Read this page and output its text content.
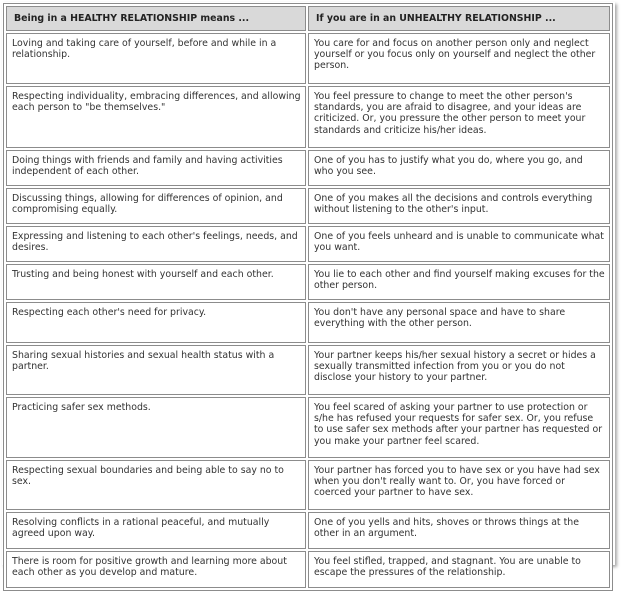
Being in a HEALTHY RELATIONSHIP means ...	If you are in an UNHEALTHY RELATIONSHIP ...
Loving and taking care of yourself, before and while in a relationship.	You care for and focus on another person only and neglect yourself or you focus only on yourself and neglect the other person.
Respecting individuality, embracing differences, and allowing each person to "be themselves."	You feel pressure to change to meet the other person's standards, you are afraid to disagree, and your ideas are criticized. Or, you pressure the other person to meet your standards and criticize his/her ideas.
Doing things with friends and family and having activities independent of each other.	One of you has to justify what you do, where you go, and who you see.
Discussing things, allowing for differences of opinion, and compromising equally.	One of you makes all the decisions and controls everything without listening to the other's input.
Expressing and listening to each other's feelings, needs, and desires.	One of you feels unheard and is unable to communicate what you want.
Trusting and being honest with yourself and each other.	You lie to each other and find yourself making excuses for the other person.
Respecting each other's need for privacy.	You don't have any personal space and have to share everything with the other person.
Sharing sexual histories and sexual health status with a partner.	Your partner keeps his/her sexual history a secret or hides a sexually transmitted infection from you or you do not disclose your history to your partner.
Practicing safer sex methods.	You feel scared of asking your partner to use protection or s/he has refused your requests for safer sex. Or, you refuse to use safer sex methods after your partner has requested or you make your partner feel scared.
Respecting sexual boundaries and being able to say no to sex.	Your partner has forced you to have sex or you have had sex when you don't really want to. Or, you have forced or coerced your partner to have sex.
Resolving conflicts in a rational peaceful, and mutually agreed upon way.	One of you yells and hits, shoves or throws things at the other in an argument.
There is room for positive growth and learning more about each other as you develop and mature.	You feel stifled, trapped, and stagnant. You are unable to escape the pressures of the relationship.
